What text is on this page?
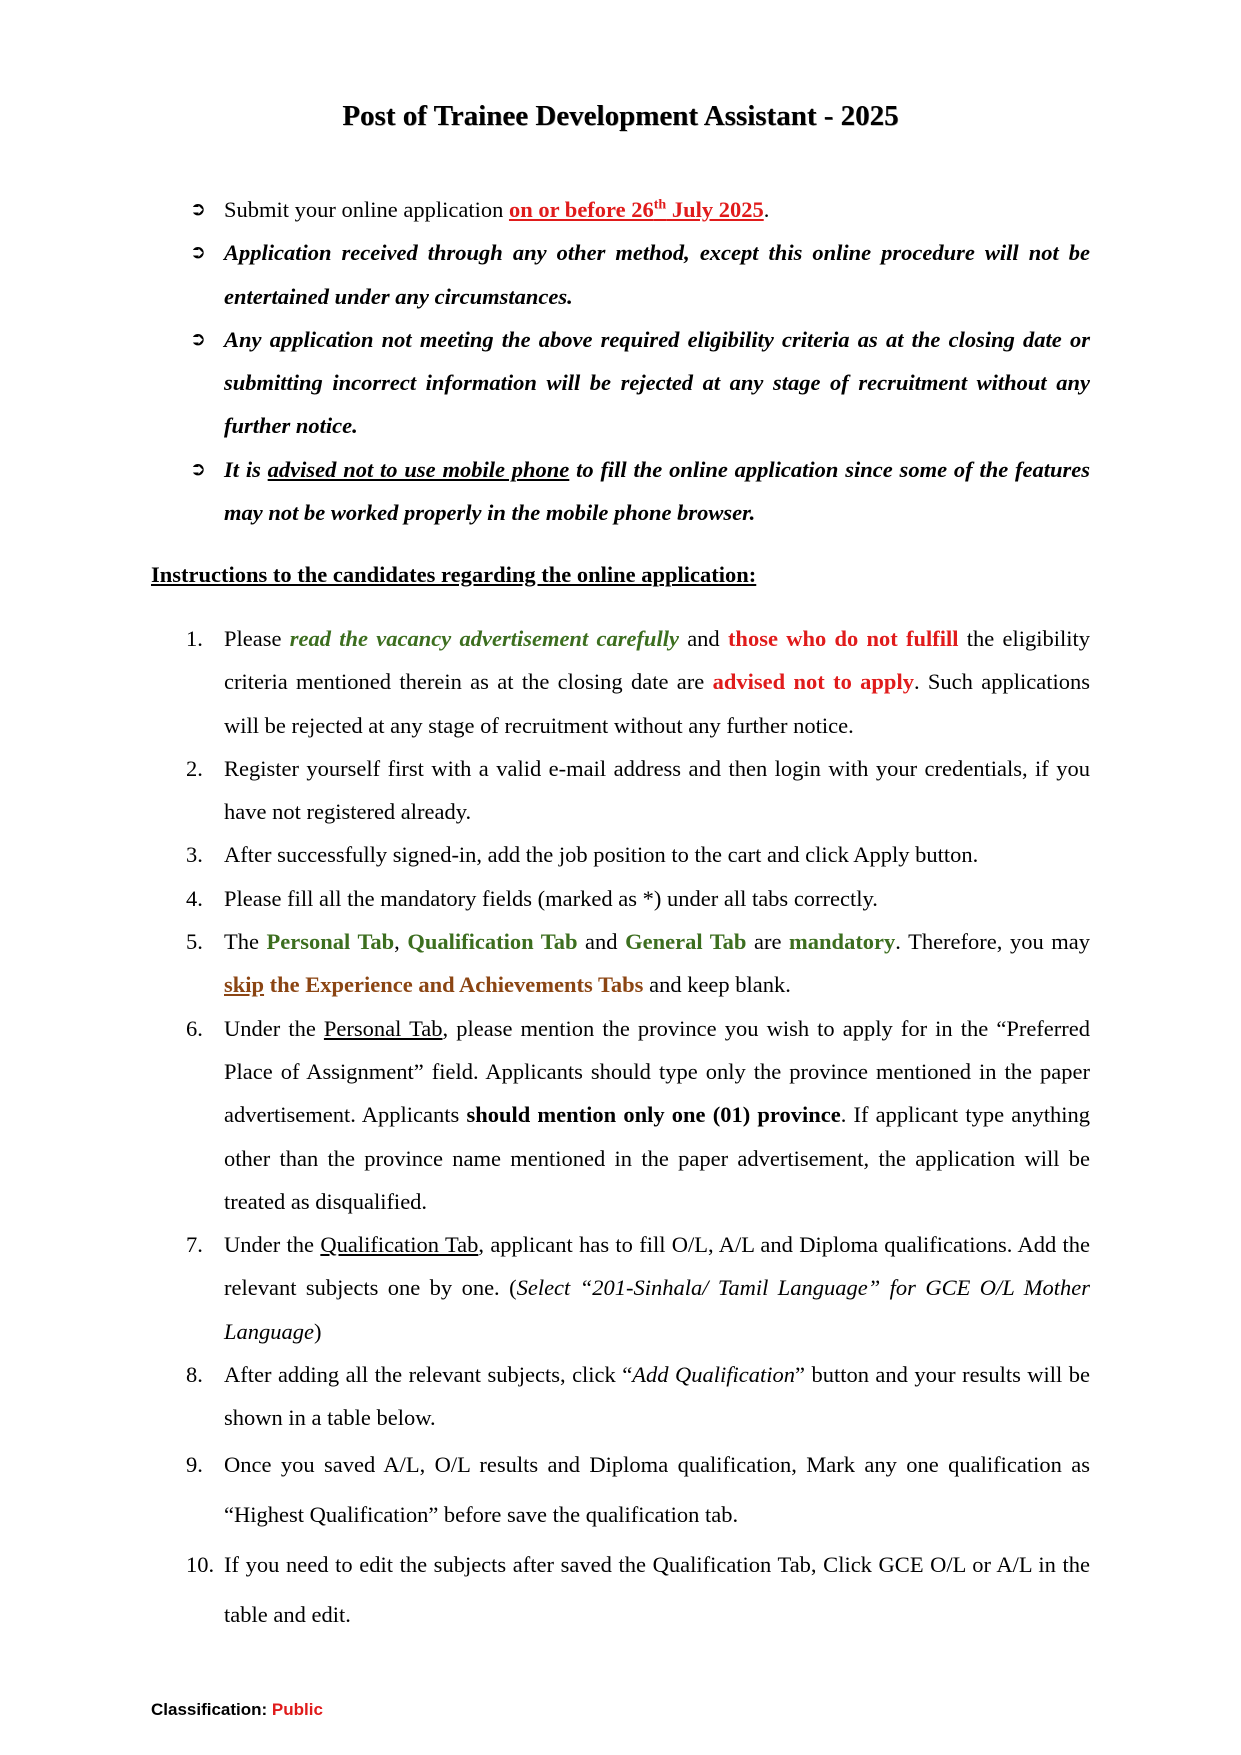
Post of Trainee Development Assistant - 2025
➲ Submit your online application on or before 26th July 2025.
➲ Application received through any other method, except this online procedure will not be entertained under any circumstances.
➲ Any application not meeting the above required eligibility criteria as at the closing date or submitting incorrect information will be rejected at any stage of recruitment without any further notice.
➲ It is advised not to use mobile phone to fill the online application since some of the features may not be worked properly in the mobile phone browser.
Instructions to the candidates regarding the online application:
1. Please read the vacancy advertisement carefully and those who do not fulfill the eligibility criteria mentioned therein as at the closing date are advised not to apply. Such applications will be rejected at any stage of recruitment without any further notice.
2. Register yourself first with a valid e-mail address and then login with your credentials, if you have not registered already.
3. After successfully signed-in, add the job position to the cart and click Apply button.
4. Please fill all the mandatory fields (marked as *) under all tabs correctly.
5. The Personal Tab, Qualification Tab and General Tab are mandatory. Therefore, you may skip the Experience and Achievements Tabs and keep blank.
6. Under the Personal Tab, please mention the province you wish to apply for in the “Preferred Place of Assignment” field. Applicants should type only the province mentioned in the paper advertisement. Applicants should mention only one (01) province. If applicant type anything other than the province name mentioned in the paper advertisement, the application will be treated as disqualified.
7. Under the Qualification Tab, applicant has to fill O/L, A/L and Diploma qualifications. Add the relevant subjects one by one. (Select “201-Sinhala/ Tamil Language” for GCE O/L Mother Language)
8. After adding all the relevant subjects, click “Add Qualification” button and your results will be shown in a table below.
9. Once you saved A/L, O/L results and Diploma qualification, Mark any one qualification as “Highest Qualification” before save the qualification tab.
10. If you need to edit the subjects after saved the Qualification Tab, Click GCE O/L or A/L in the table and edit.
Classification: Public
